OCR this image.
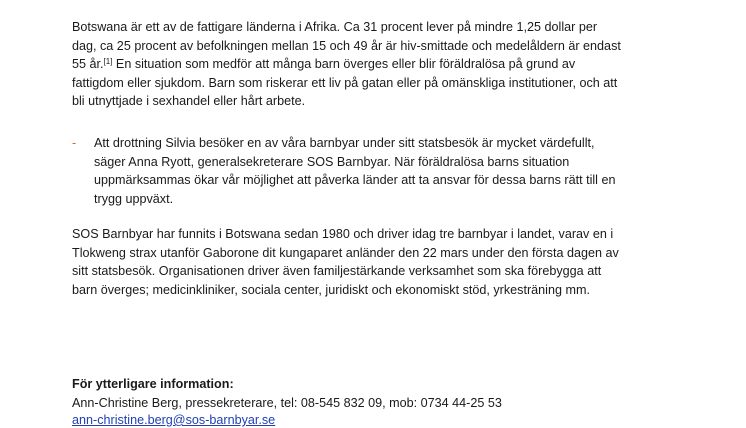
Botswana är ett av de fattigare länderna i Afrika. Ca 31 procent lever på mindre 1,25 dollar per
dag, ca 25 procent av befolkningen mellan 15 och 49 år är hiv-smittade och medelåldern är endast
55 år.[1] En situation som medför att många barn överges eller blir föräldralösa på grund av
fattigdom eller sjukdom. Barn som riskerar ett liv på gatan eller på omänskliga institutioner, och att
bli utnyttjade i sexhandel eller hårt arbete.
- Att drottning Silvia besöker en av våra barnbyar under sitt statsbesök är mycket värdefullt,
säger Anna Ryott, generalsekreterare SOS Barnbyar. När föräldralösa barns situation
uppmärksammas ökar vår möjlighet att påverka länder att ta ansvar för dessa barns rätt till en
trygg uppväxt.
SOS Barnbyar har funnits i Botswana sedan 1980 och driver idag tre barnbyar i landet, varav en i
Tlokweng strax utanför Gaborone dit kungaparet anländer den 22 mars under den första dagen av
sitt statsbesök. Organisationen driver även familjestärkande verksamhet som ska förebygga att
barn överges; medicinkliniker, sociala center, juridiskt och ekonomiskt stöd, yrkesträning mm.
För ytterligare information:
Ann-Christine Berg, pressekreterare, tel: 08-545 832 09, mob: 0734 44-25 53
ann-christine.berg@sos-barnbyar.se
